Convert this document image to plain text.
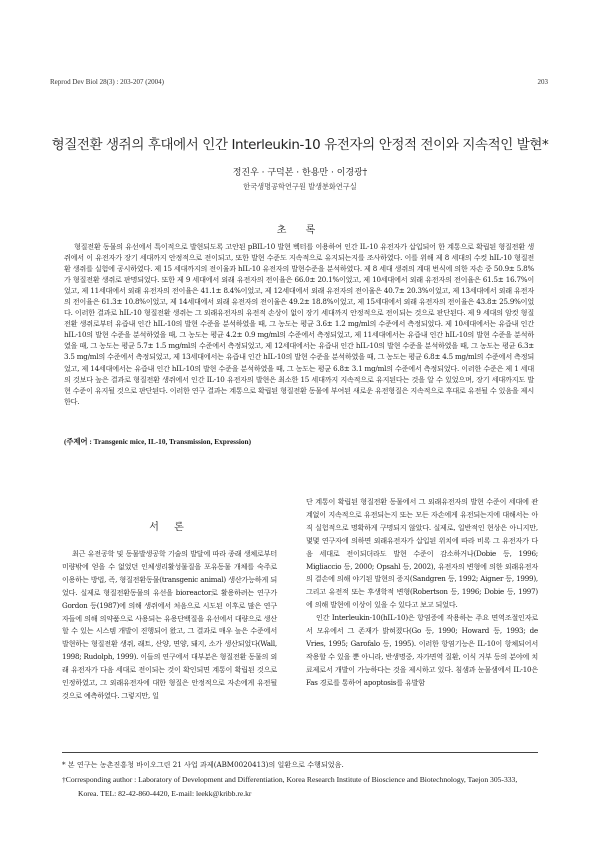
Reprod Dev Biol 28(3) : 203-207 (2004)	203
형질전환 생쥐의 후대에서 인간 Interleukin-10 유전자의 안정적 전이와 지속적인 발현*
정진우 · 구덕본 · 한용만 · 이경광†
한국생명공학연구원 발생분화연구실
초 록
형질전환 동물의 유선에서 특이적으로 발현되도록 고안된 pBIL-10 발현 벡터를 이용하여 인간 IL-10 유전자가 삽입되어 한 계통으로 확립된 형질전환 생쥐에서 이 유전자가 장기 세대까지 안정적으로 전이되고, 또한 발현 수준도 지속적으로 유지되는지를 조사하였다. 이를 위해 제 8 세대의 수컷 hIL-10 형질전환 생쥐를 실험에 공시하였다. 제 15 세대까지의 전이율과 hIL-10 유전자의 발현수준을 분석하였다. 제 8 세대 생쥐의 계대 번식에 의한 자손 중 50.9± 5.8%가 형질전환 생쥐로 판명되었다. 또한 제 9 세대에서 외래 유전자의 전이율은 66.0± 20.1%이었고, 제 10세대에서 외래 유전자의 전이율은 61.5± 16.7%이었고, 제 11세대에서 외래 유전자의 전이율은 41.1± 8.4%이었고, 제 12세대에서 외래 유전자의 전이율은 40.7± 20.3%이었고, 제 13세대에서 외래 유전자의 전이율은 61.3± 10.8%이었고, 제 14세대에서 외래 유전자의 전이율은 49.2± 18.8%이었고, 제 15세대에서 외래 유전자의 전이율은 43.8± 25.9%이었다. 이러한 결과로 hIL-10 형질전환 생쥐는 그 외래유전자의 유전적 손상이 없이 장기 세대까지 안정적으로 전이되는 것으로 판단된다. 제 9 세대의 암컷 형질전환 생쥐로부터 유즙내 인간 hIL-10의 발현 수준을 분석하였을 때, 그 농도는 평균 3.6± 1.2 mg/ml의 수준에서 측정되었다. 제 10세대에서는 유즙내 인간 hIL-10의 발현 수준을 분석하였을 때, 그 농도는 평균 4.2± 0.9 mg/ml의 수준에서 측정되었고, 제 11세대에서는 유즙내 인간 hIL-10의 발현 수준을 분석하였을 때, 그 농도는 평균 5.7± 1.5 mg/ml의 수준에서 측정되었고, 제 12세대에서는 유즙내 인간 hIL-10의 발현 수준을 분석하였을 때, 그 농도는 평균 6.3± 3.5 mg/ml의 수준에서 측정되었고, 제 13세대에서는 유즙내 인간 hIL-10의 발현 수준을 분석하였을 때, 그 농도는 평균 6.8± 4.5 mg/ml의 수준에서 측정되었고, 제 14세대에서는 유즙내 인간 hIL-10의 발현 수준을 분석하였을 때, 그 농도는 평균 6.8± 3.1 mg/ml의 수준에서 측정되었다. 이러한 수준은 제 1 세대의 것보다 높은 결과로 형질전환 생쥐에서 인간 IL-10 유전자의 발현은 최소한 15 세대까지 지속적으로 유지된다는 것을 알 수 있었으며, 장기 세대까지도 발현 수준이 유지될 것으로 판단된다. 이러한 연구 결과는 계통으로 확립된 형질전환 동물에 부여된 새로운 유전형질은 지속적으로 후대로 유전될 수 있음을 제시한다.
(주제어 : Transgenic mice, IL-10, Transmission, Expression)
서 론

최근 유전공학 및 동물발생공학 기술의 발달에 따라 종래 생체로부터 미량밖에 얻을 수 없었던 인체생리활성물질을 포유동물 개체를 숙주로 이용하는 방법, 즉, 형질전환동물(transgenic animal) 생산가능하게 되었다. 실제로 형질전환동물의 유선을 bioreactor로 활용하려는 연구가 Gordon 등(1987)에 의해 생쥐에서 처음으로 시도된 이후로 많은 연구자들에 의해 의약품으로 사용되는 유용단백질을 유선에서 대량으로 생산할 수 있는 시스템 개발이 진행되어 왔고, 그 결과로 매우 높은 수준에서 발현하는 형질전환 생쥐, 래트, 산양, 면양, 돼지, 소가 생산되었다(Wall, 1998; Rudolph, 1999). 이들의 연구에서 대부분은 형질전환 동물의 외래 유전자가 다음 세대로 전이되는 것이 확인되면 계통이 확립된 것으로 인정하였고, 그 외래유전자에 대한 형질은 안정적으로 자손에게 유전될 것으로 예측하였다. 그렇지만, 일

단 계통이 확립된 형질전환 동물에서 그 외래유전자의 발현 수준이 세대에 관계없이 지속적으로 유전되는지 또는 모든 자손에게 유전되는지에 대해서는 아직 실험적으로 명확하게 구명되지 않았다. 실제로, 일반적인 현상은 아니지만, 몇몇 연구자에 의하면 외래유전자가 삽입된 위치에 따라 비록 그 유전자가 다음 세대로 전이되더라도 발현 수준이 감소하거나(Dobie 등, 1996; Migliaccio 등, 2000; Opsahl 등, 2002), 유전자의 변형에 의한 외래유전자의 결손에 의해 야기된 발현의 증지(Sandgren 등, 1992; Aigner 등, 1999), 그리고 유전적 또는 후생학적 변형(Robertson 등, 1996; Dobie 등, 1997)에 의해 발현에 이상이 있을 수 있다고 보고 되었다.

인간 Interleukin-10(hIL-10)은 항염증에 작용하는 주요 면역조절인자로서 모유에서 그 존재가 밝혀졌다(Go 등, 1990; Howard 등, 1993; de Vries, 1995; Garofalo 등, 1995). 이러한 항염기능은 IL-10이 항체되어서 작용할 수 있을 뿐 아니라, 반생명중, 자가면역 질환, 이식 거부 등의 분야에 치료제로서 개발이 가능하다는 것을 제시하고 있다. 침샘과 눈물샘에서 IL-10은 Fas 경로를 통하여 apoptosis를 유발함

* 본 연구는 농촌진흥청 바이오그린 21 사업 과제(ABM0020413)의 일환으로 수행되었음.
†Corresponding author : Laboratory of Development and Differentiation, Korea Research Institute of Bioscience and Biotechnology, Taejon 305-333, Korea. TEL: 82-42-860-4420, E-mail: leekk@kribb.re.kr
